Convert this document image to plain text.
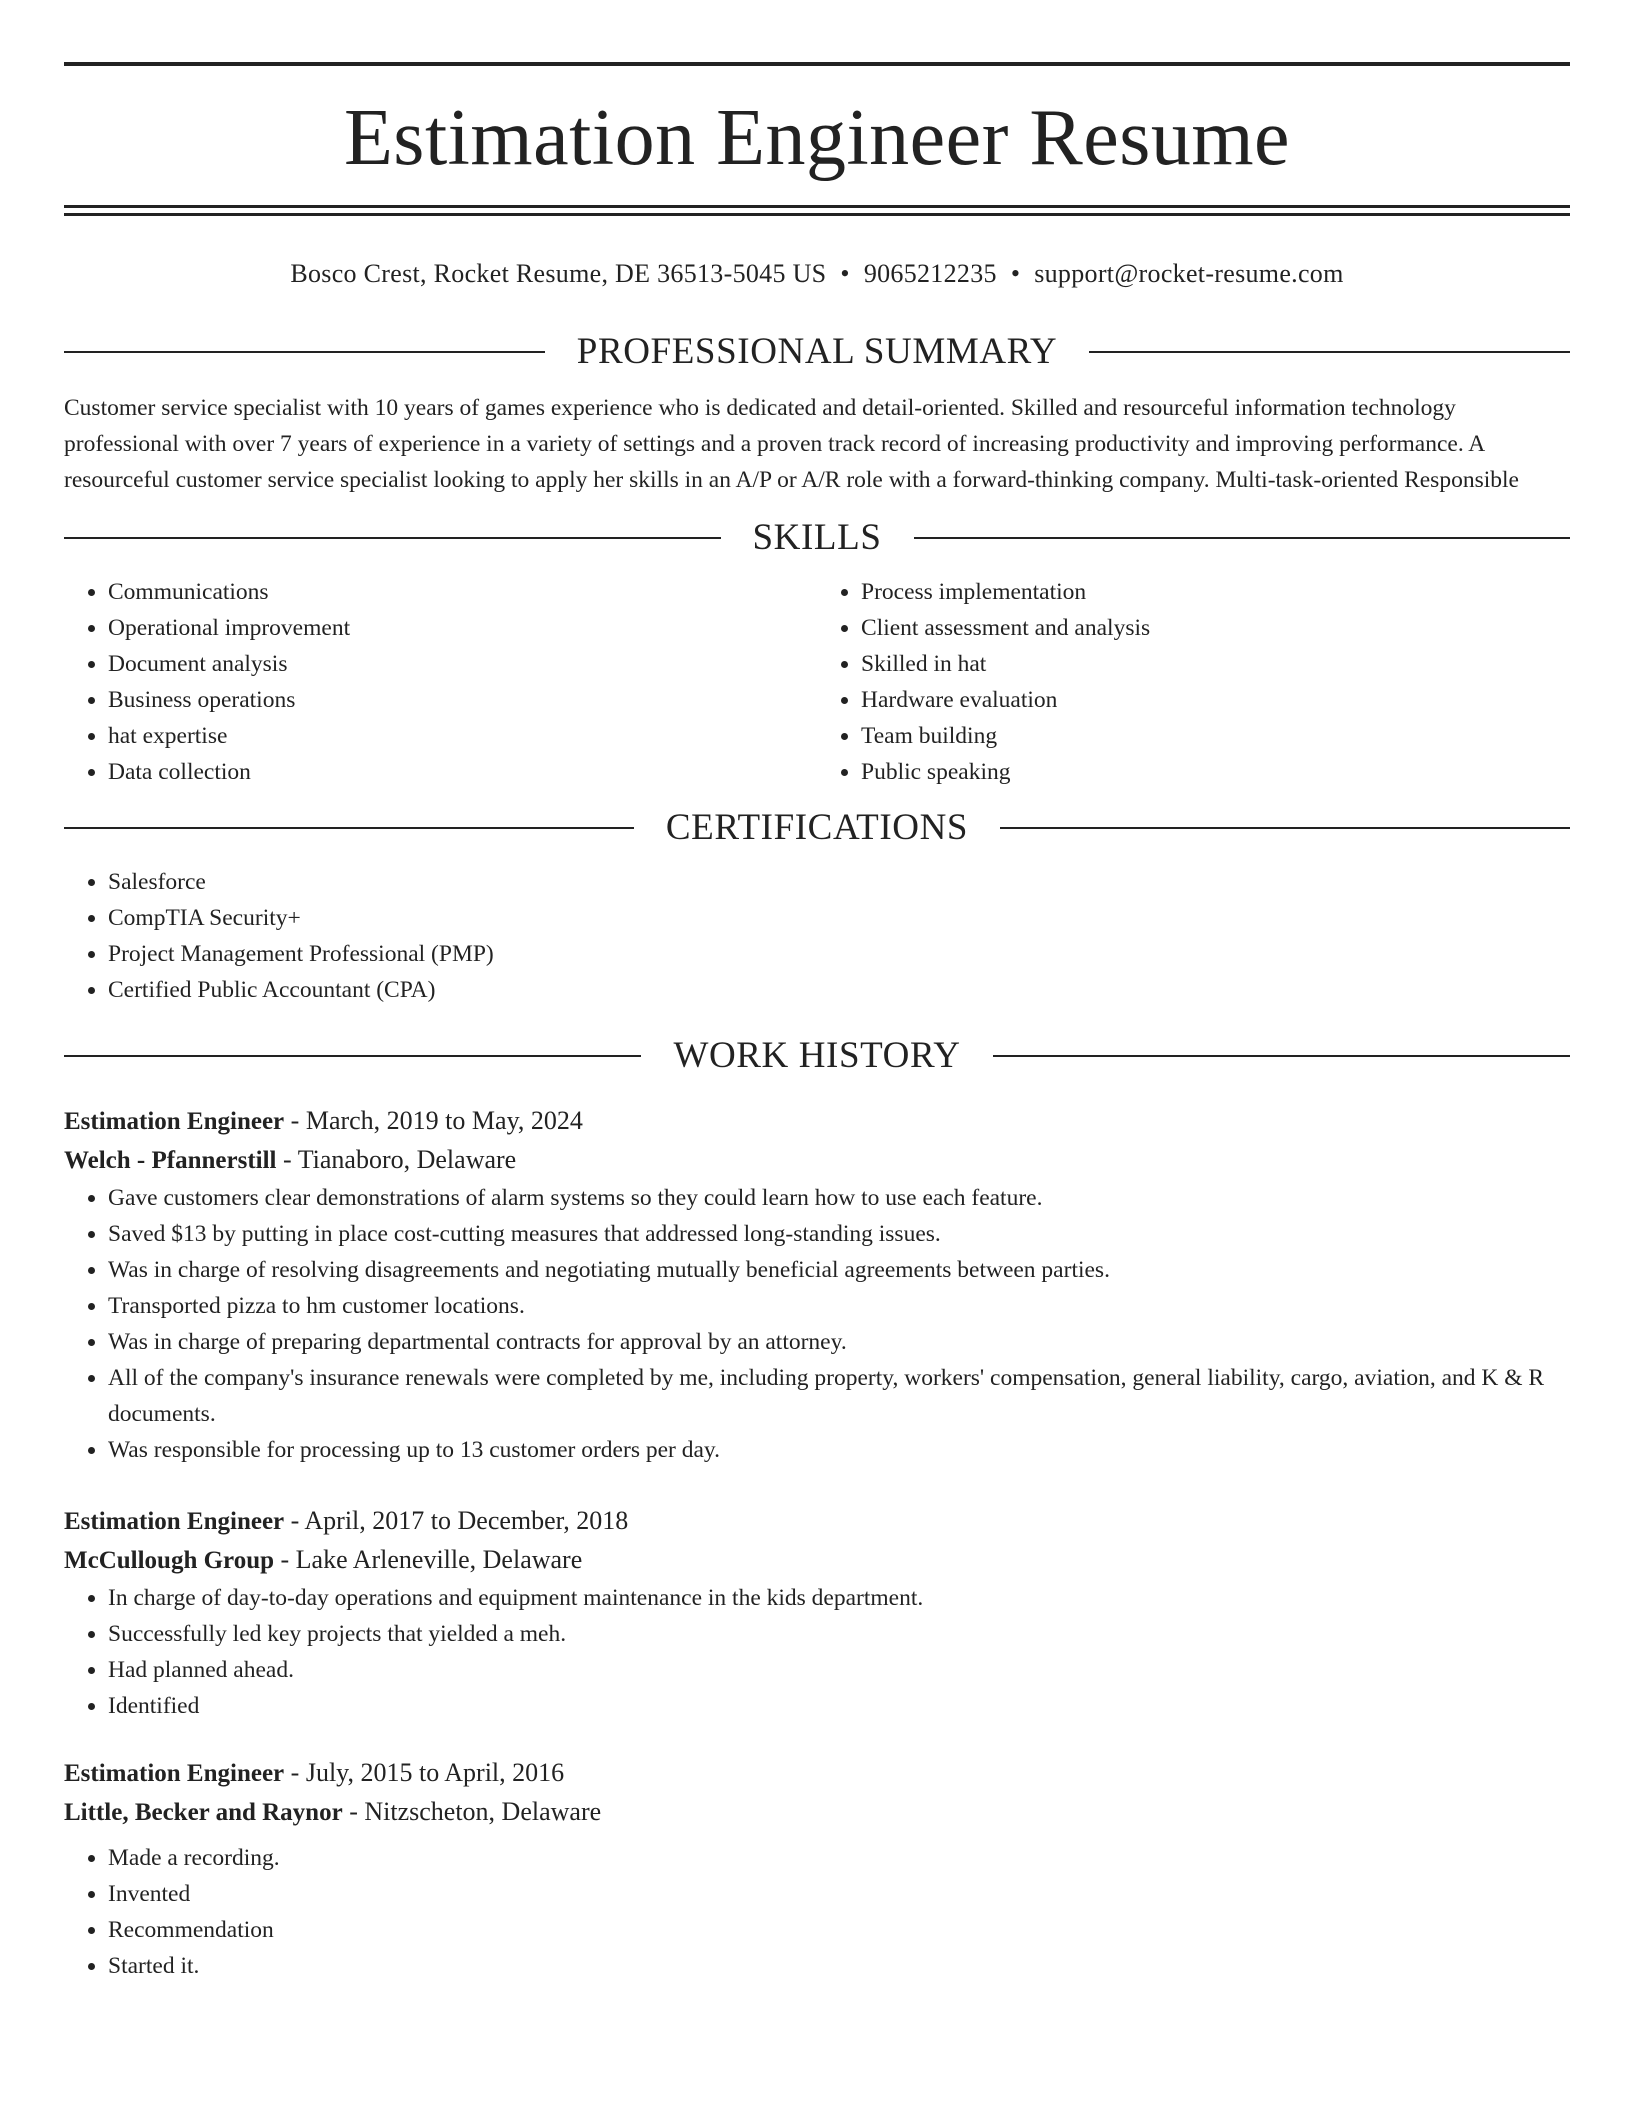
Estimation Engineer Resume
Bosco Crest, Rocket Resume, DE 36513-5045 US • 9065212235 • support@rocket-resume.com
PROFESSIONAL SUMMARY

Customer service specialist with 10 years of games experience who is dedicated and detail-oriented. Skilled and resourceful information technology professional with over 7 years of experience in a variety of settings and a proven track record of increasing productivity and improving performance. A resourceful customer service specialist looking to apply her skills in an A/P or A/R role with a forward-thinking company. Multi-task-oriented Responsible

SKILLS
• Communications
• Operational improvement
• Document analysis
• Business operations
• hat expertise
• Data collection
• Process implementation
• Client assessment and analysis
• Skilled in hat
• Hardware evaluation
• Team building
• Public speaking
CERTIFICATIONS
• Salesforce
• CompTIA Security+
• Project Management Professional (PMP)
• Certified Public Accountant (CPA)
WORK HISTORY
Estimation Engineer - March, 2019 to May, 2024
Welch - Pfannerstill - Tianaboro, Delaware
• Gave customers clear demonstrations of alarm systems so they could learn how to use each feature.
• Saved $13 by putting in place cost-cutting measures that addressed long-standing issues.
• Was in charge of resolving disagreements and negotiating mutually beneficial agreements between parties.
• Transported pizza to hm customer locations.
• Was in charge of preparing departmental contracts for approval by an attorney.
• All of the company's insurance renewals were completed by me, including property, workers' compensation, general liability, cargo, aviation, and K & R documents.
• Was responsible for processing up to 13 customer orders per day.
Estimation Engineer - April, 2017 to December, 2018
McCullough Group - Lake Arleneville, Delaware
• In charge of day-to-day operations and equipment maintenance in the kids department.
• Successfully led key projects that yielded a meh.
• Had planned ahead.
• Identified
Estimation Engineer - July, 2015 to April, 2016
Little, Becker and Raynor - Nitzscheton, Delaware
• Made a recording.
• Invented
• Recommendation
• Started it.
